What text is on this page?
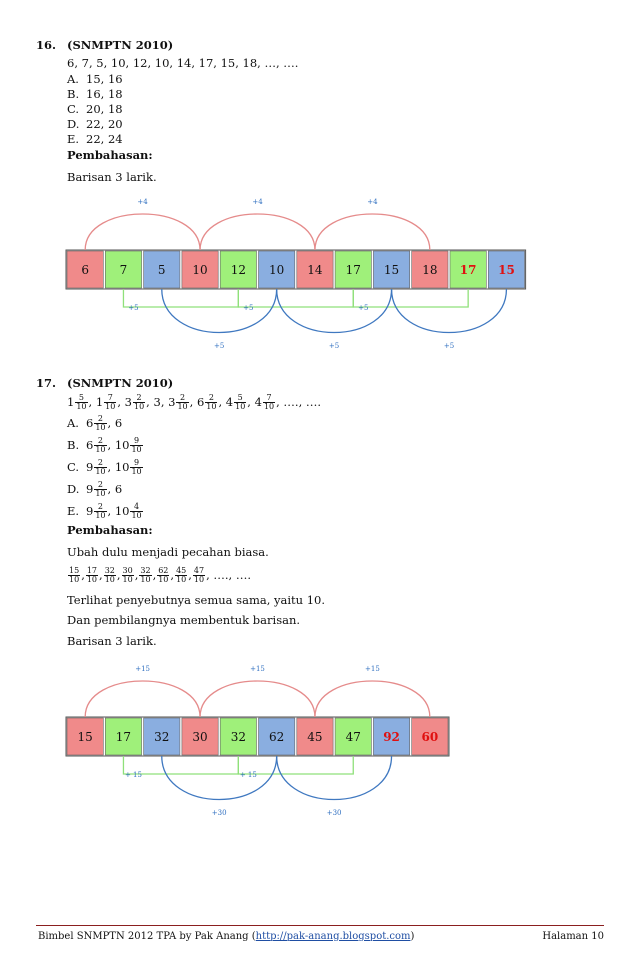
16. (SNMPTN 2010)
6, 7, 5, 10, 12, 10, 14, 17, 15, 18, …, ….
A. 15, 16
B. 16, 18
C. 20, 18
D. 22, 20
E. 22, 24
Pembahasan:
Barisan 3 larik.
6	7	5 10 12 10 14 17 15 18 17 15
+4	+4	+4
+5	+5	+5
+5	+5	+5
17. (SNMPTN 2010)
$1 \frac{5}{10}$ , $1 \frac{7}{10}$ , $3 \frac{2}{10}$ , 3 , $3 \frac{2}{10}$ , $6 \frac{2}{10}$ , $4 \frac{5}{10}$ , $4 \frac{7}{10}$ , …., ….
A. $6 \frac{2}{10}$ , 6
B. $6 \frac{2}{10}$ , $10 \frac{9}{10}$
C. $9 \frac{2}{10}$ , $10 \frac{9}{10}$
D. $9 \frac{2}{10}$ , 6
E. $9 \frac{2}{10}$ , $10 \frac{4}{10}$
Pembahasan:
Ubah dulu menjadi pecahan biasa.
$\frac{15}{10}$ , $\frac{17}{10}$ , $\frac{32}{10}$ , $\frac{30}{10}$ , $\frac{32}{10}$ , $\frac{62}{10}$ , $\frac{45}{10}$ , $\frac{47}{10}$ , …., ….
Terlihat penyebutnya semua sama, yaitu 10.
Dan pembilangnya membentuk barisan.
Barisan 3 larik.
15 17 32 30 32 62 45 47 92 60
+15	+15	+15
+ 15	+ 15
+30	+30
Bimbel SNMPTN 2012 TPA by Pak Anang (http://pak-anang.blogspot.com)	Halaman 10
